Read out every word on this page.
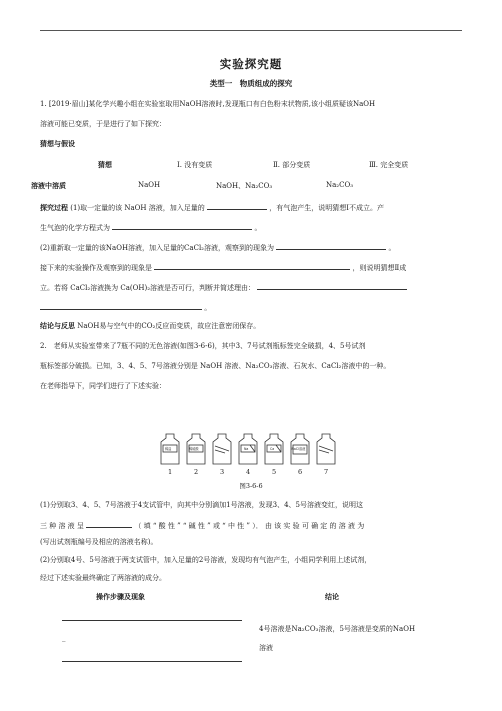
实验探究题
类型一　物质组成的探究
1. [2019·眉山]某化学兴趣小组在实验室取用NaOH溶液时,发现瓶口有白色粉末状物质,该小组质疑该NaOH
溶液可能已变质，于是进行了如下探究：
猜想与假设
猜想	Ⅰ. 没有变质	Ⅱ. 部分变质	Ⅲ. 完全变质
溶液中溶质	NaOH	NaOH、Na₂CO₃	Na₂CO₃
探究过程 (1)取一定量的该 NaOH 溶液，加入足量的	，有气泡产生，说明猜想Ⅰ不成立。产
生气泡的化学方程式为	。
(2)重新取一定量的该NaOH溶液，加入足量的CaCl₂溶液，观察到的现象为	。
接下来的实验操作及观察到的现象是	，则说明猜想Ⅱ成
立。若将 CaCl₂溶液换为 Ca(OH)₂溶液是否可行，判断并简述理由：
。
结论与反思 NaOH易与空气中的CO₂反应而变质，故应注意密闭保存。
2.　老师从实验室带来了7瓶不同的无色溶液(如图3-6-6)，其中3、7号试剂瓶标签完全破损，4、5号试剂
瓶标签部分破损。已知，3、4、5、7号溶液分别是 NaOH 溶液、Na₂CO₃溶液、石灰水、CaCl₂溶液中的一种。
在老师指导下，同学们进行了下述实验：
稀盐	稀硫酸	Na	Ca	NaCl溶液
1	2	3	4	5	6	7
图3-6-6
(1)分别取3、4、5、7号溶液于4支试管中，向其中分别滴加1号溶液，发现3、4、5号溶液变红，说明这
三 种 溶 液 呈	（ 填 “ 酸 性 ” “ 碱 性 ” 或 “ 中 性 ” ）． 由 该 实 验 可 确 定 的 溶 液 为
(写出试剂瓶编号及相应的溶液名称)。
(2)分别取4号、5号溶液于两支试管中，加入足量的2号溶液，发现均有气泡产生，小组同学利用上述试剂，
经过下述实验最终确定了两溶液的成分。
操作步骤及现象	结论
_
4号溶液是Na₂CO₃溶液，5号溶液是变质的NaOH
溶液
